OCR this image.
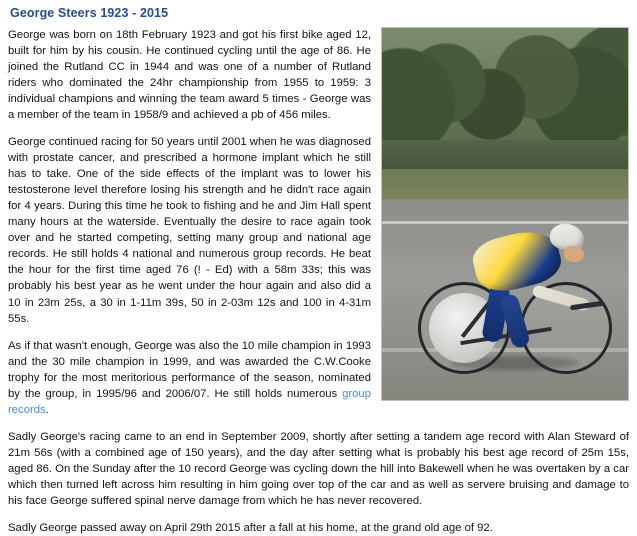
George Steers 1923 - 2015

George was born on 18th February 1923 and got his first bike aged 12, built for him by his cousin. He continued cycling until the age of 86. He joined the Rutland CC in 1944 and was one of a number of Rutland riders who dominated the 24hr championship from 1955 to 1959: 3 individual champions and winning the team award 5 times - George was a member of the team in 1958/9 and achieved a pb of 456 miles.

George continued racing for 50 years until 2001 when he was diagnosed with prostate cancer, and prescribed a hormone implant which he still has to take. One of the side effects of the implant was to lower his testosterone level therefore losing his strength and he didn't race again for 4 years. During this time he took to fishing and he and Jim Hall spent many hours at the waterside. Eventually the desire to race again took over and he started competing, setting many group and national age records. He still holds 4 national and numerous group records. He beat the hour for the first time aged 76 (! - Ed) with a 58m 33s; this was probably his best year as he went under the hour again and also did a 10 in 23m 25s, a 30 in 1-11m 39s, 50 in 2-03m 12s and 100 in 4-31m 55s.

As if that wasn't enough, George was also the 10 mile champion in 1993 and the 30 mile champion in 1999, and was awarded the C.W.Cooke trophy for the most meritorious performance of the season, nominated by the group, in 1995/96 and 2006/07. He still holds numerous group records.

Sadly George's racing came to an end in September 2009, shortly after setting a tandem age record with Alan Steward of 21m 56s (with a combined age of 150 years), and the day after setting what is probably his best age record of 25m 15s, aged 86. On the Sunday after the 10 record George was cycling down the hill into Bakewell when he was overtaken by a car which then turned left across him resulting in him going over top of the car and as well as servere bruising and damage to his face George suffered spinal nerve damage from which he has never recovered.

Sadly George passed away on April 29th 2015 after a fall at his home, at the grand old age of 92.
